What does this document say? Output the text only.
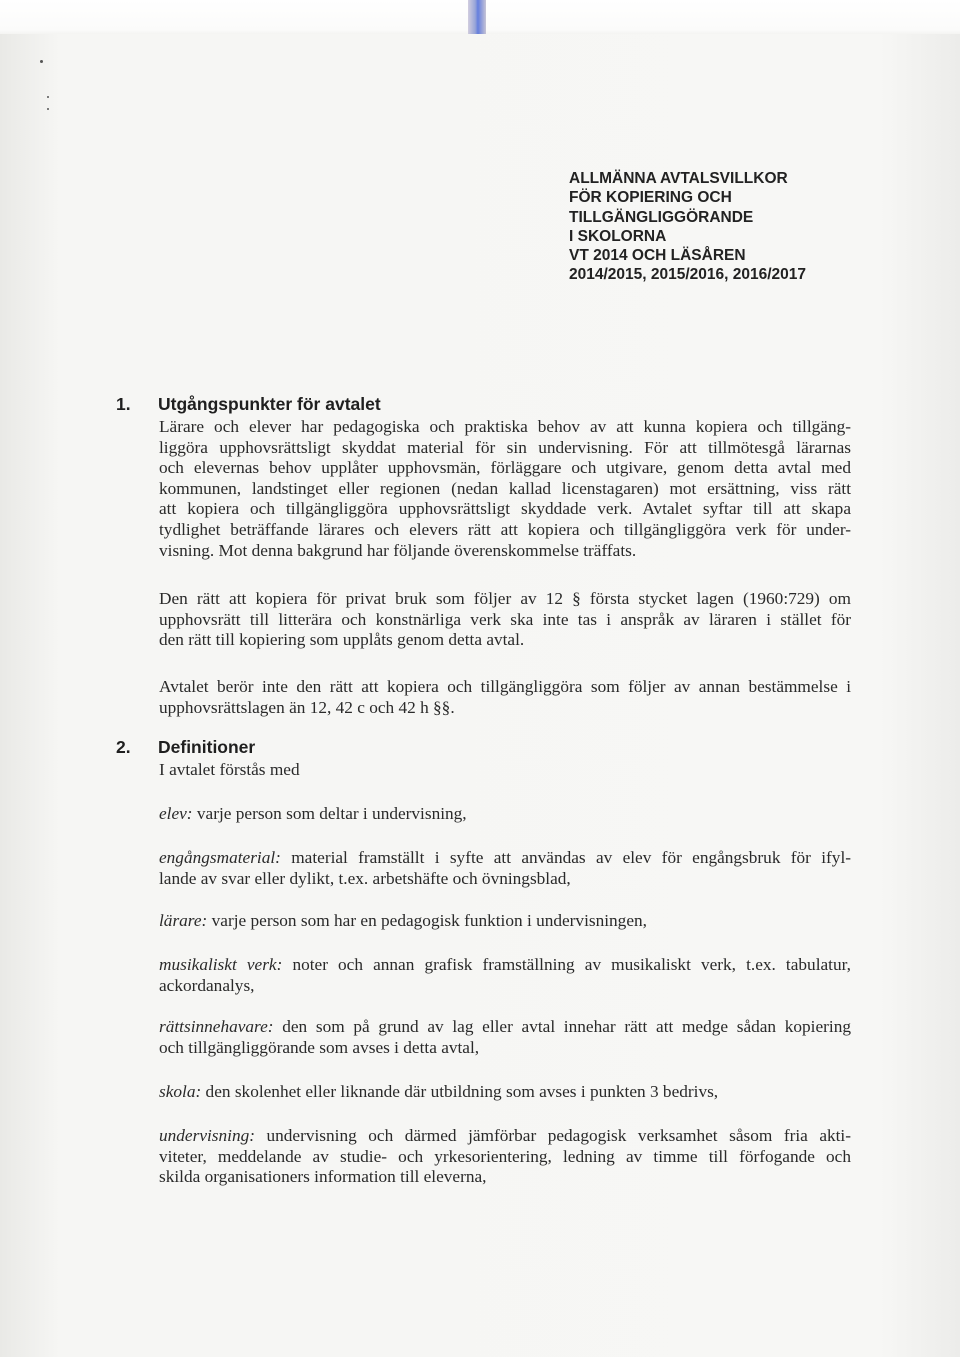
ALLMÄNNA AVTALSVILLKOR
FÖR KOPIERING OCH
TILLGÄNGLIGGÖRANDE
I SKOLORNA
VT 2014 OCH LÄSÅREN
2014/2015, 2015/2016, 2016/2017
1. Utgångspunkter för avtalet
Lärare och elever har pedagogiska och praktiska behov av att kunna kopiera och tillgäng-
liggöra upphovsrättsligt skyddat material för sin undervisning. För att tillmötesgå lärarnas
och elevernas behov upplåter upphovsmän, förläggare och utgivare, genom detta avtal med
kommunen, landstinget eller regionen (nedan kallad licenstagaren) mot ersättning, viss rätt
att kopiera och tillgängliggöra upphovsrättsligt skyddade verk. Avtalet syftar till att skapa
tydlighet beträffande lärares och elevers rätt att kopiera och tillgängliggöra verk för under-
visning. Mot denna bakgrund har följande överenskommelse träffats.
Den rätt att kopiera för privat bruk som följer av 12 § första stycket lagen (1960:729) om
upphovsrätt till litterära och konstnärliga verk ska inte tas i anspråk av läraren i stället för
den rätt till kopiering som upplåts genom detta avtal.
Avtalet berör inte den rätt att kopiera och tillgängliggöra som följer av annan bestämmelse i
upphovsrättslagen än 12, 42 c och 42 h §§.
2. Definitioner
I avtalet förstås med
elev: varje person som deltar i undervisning,
engångsmaterial: material framställt i syfte att användas av elev för engångsbruk för ifyl-
lande av svar eller dylikt, t.ex. arbetshäfte och övningsblad,
lärare: varje person som har en pedagogisk funktion i undervisningen,
musikaliskt verk: noter och annan grafisk framställning av musikaliskt verk, t.ex. tabulatur,
ackordanalys,
rättsinnehavare: den som på grund av lag eller avtal innehar rätt att medge sådan kopiering
och tillgängliggörande som avses i detta avtal,
skola: den skolenhet eller liknande där utbildning som avses i punkten 3 bedrivs,
undervisning: undervisning och därmed jämförbar pedagogisk verksamhet såsom fria akti-
viteter, meddelande av studie- och yrkesorientering, ledning av timme till förfogande och
skilda organisationers information till eleverna,
